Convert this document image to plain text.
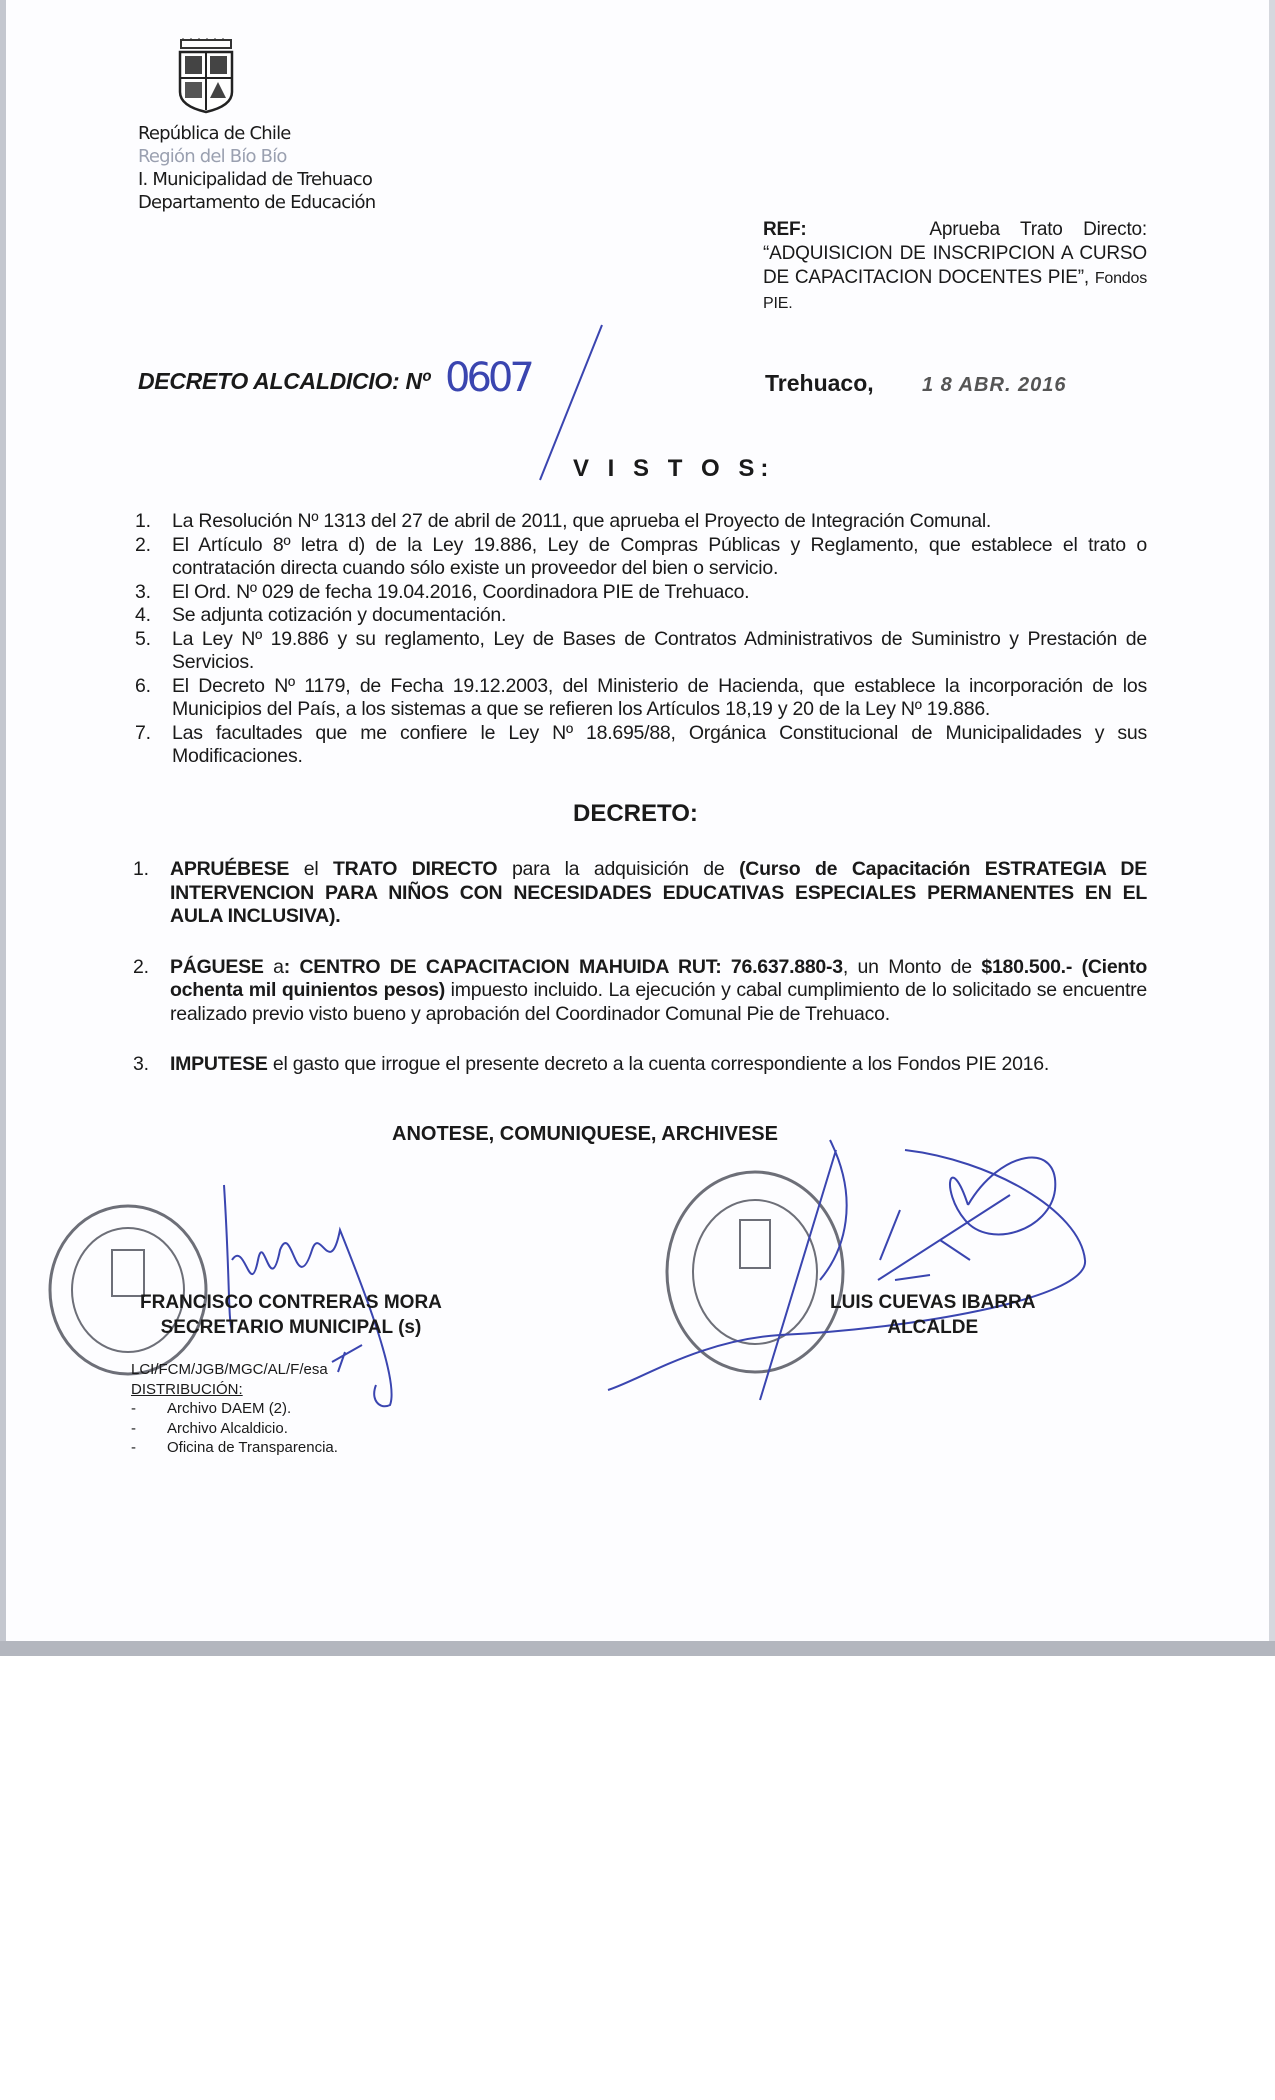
República de Chile
Región del Bío Bío
I. Municipalidad de Trehuaco
Departamento de Educación
REF:	Aprueba Trato Directo: “ADQUISICION DE INSCRIPCION A CURSO DE CAPACITACION DOCENTES PIE”, Fondos PIE.
DECRETO ALCALDICIO: Nº 0607	Trehuaco, 1 8 ABR. 2016
V I S T O S:
1. La Resolución Nº 1313 del 27 de abril de 2011, que aprueba el Proyecto de Integración Comunal.
2. El Artículo 8º letra d) de la Ley 19.886, Ley de Compras Públicas y Reglamento, que establece el trato o contratación directa cuando sólo existe un proveedor del bien o servicio.
3. El Ord. Nº 029 de fecha 19.04.2016, Coordinadora PIE de Trehuaco.
4. Se adjunta cotización y documentación.
5. La Ley Nº 19.886 y su reglamento, Ley de Bases de Contratos Administrativos de Suministro y Prestación de Servicios.
6. El Decreto Nº 1179, de Fecha 19.12.2003, del Ministerio de Hacienda, que establece la incorporación de los Municipios del País, a los sistemas a que se refieren los Artículos 18,19 y 20 de la Ley Nº 19.886.
7. Las facultades que me confiere le Ley Nº 18.695/88, Orgánica Constitucional de Municipalidades y sus Modificaciones.
DECRETO:
1. APRUÉBESE el TRATO DIRECTO para la adquisición de (Curso de Capacitación ESTRATEGIA DE INTERVENCION PARA NIÑOS CON NECESIDADES EDUCATIVAS ESPECIALES PERMANENTES EN EL AULA INCLUSIVA).
2. PÁGUESE a: CENTRO DE CAPACITACION MAHUIDA RUT: 76.637.880-3, un Monto de $180.500.- (Ciento ochenta mil quinientos pesos) impuesto incluido. La ejecución y cabal cumplimiento de lo solicitado se encuentre realizado previo visto bueno y aprobación del Coordinador Comunal Pie de Trehuaco.
3. IMPUTESE el gasto que irrogue el presente decreto a la cuenta correspondiente a los Fondos PIE 2016.
ANOTESE, COMUNIQUESE, ARCHIVESE
FRANCISCO CONTRERAS MORA
SECRETARIO MUNICIPAL (s)
LUIS CUEVAS IBARRA
ALCALDE
LCI/FCM/JGB/MGC/AL/F/esa
DISTRIBUCIÓN:
- Archivo DAEM (2).
- Archivo Alcaldicio.
- Oficina de Transparencia.
